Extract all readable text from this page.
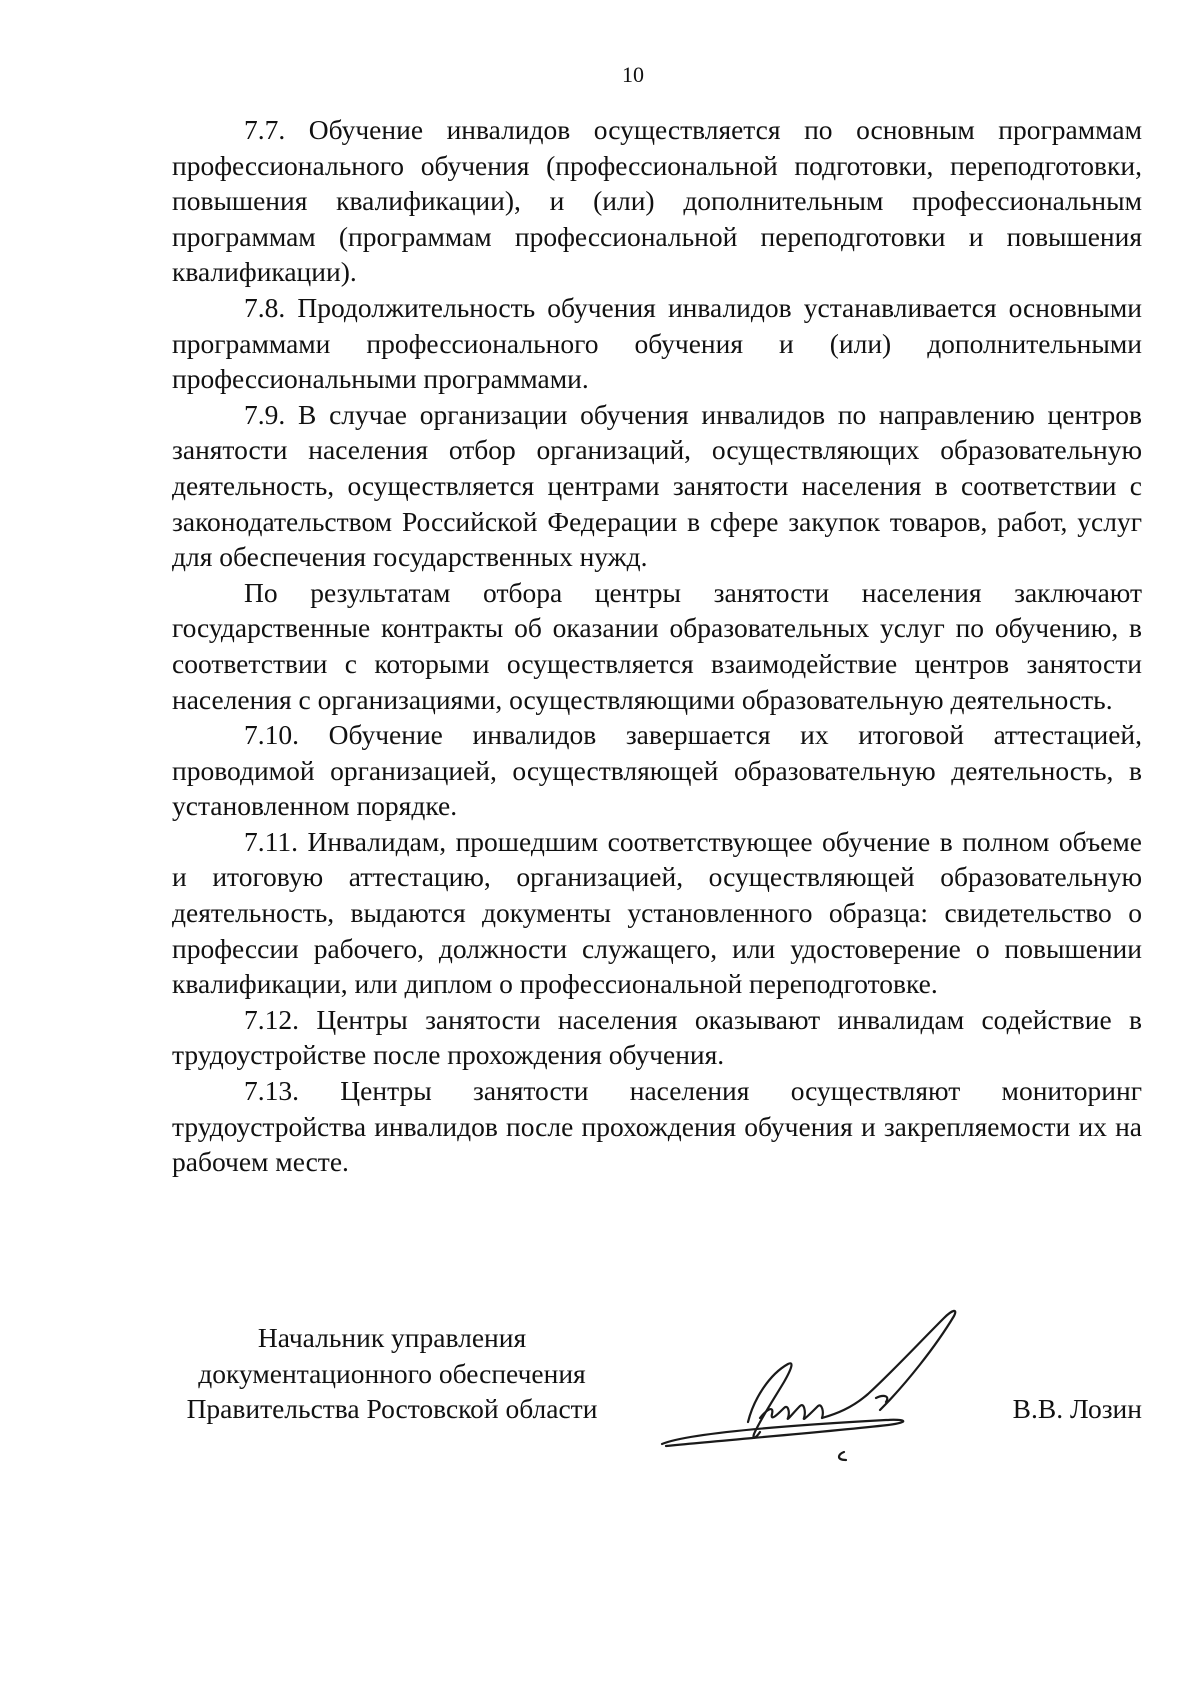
10

7.7. Обучение инвалидов осуществляется по основным программам профессионального обучения (профессиональной подготовки, переподготовки, повышения квалификации), и (или) дополнительным профессиональным программам (программам профессиональной переподготовки и повышения квалификации).

7.8. Продолжительность обучения инвалидов устанавливается основными программами профессионального обучения и (или) дополнительными профессиональными программами.

7.9. В случае организации обучения инвалидов по направлению центров занятости населения отбор организаций, осуществляющих образовательную деятельность, осуществляется центрами занятости населения в соответствии с законодательством Российской Федерации в сфере закупок товаров, работ, услуг для обеспечения государственных нужд.

По результатам отбора центры занятости населения заключают государственные контракты об оказании образовательных услуг по обучению, в соответствии с которыми осуществляется взаимодействие центров занятости населения с организациями, осуществляющими образовательную деятельность.

7.10. Обучение инвалидов завершается их итоговой аттестацией, проводимой организацией, осуществляющей образовательную деятельность, в установленном порядке.

7.11. Инвалидам, прошедшим соответствующее обучение в полном объеме и итоговую аттестацию, организацией, осуществляющей образовательную деятельность, выдаются документы установленного образца: свидетельство о профессии рабочего, должности служащего, или удостоверение о повышении квалификации, или диплом о профессиональной переподготовке.

7.12. Центры занятости населения оказывают инвалидам содействие в трудоустройстве после прохождения обучения.

7.13. Центры занятости населения осуществляют мониторинг трудоустройства инвалидов после прохождения обучения и закрепляемости их на рабочем месте.

Начальник управления
документационного обеспечения
Правительства Ростовской области	В.В. Лозин
